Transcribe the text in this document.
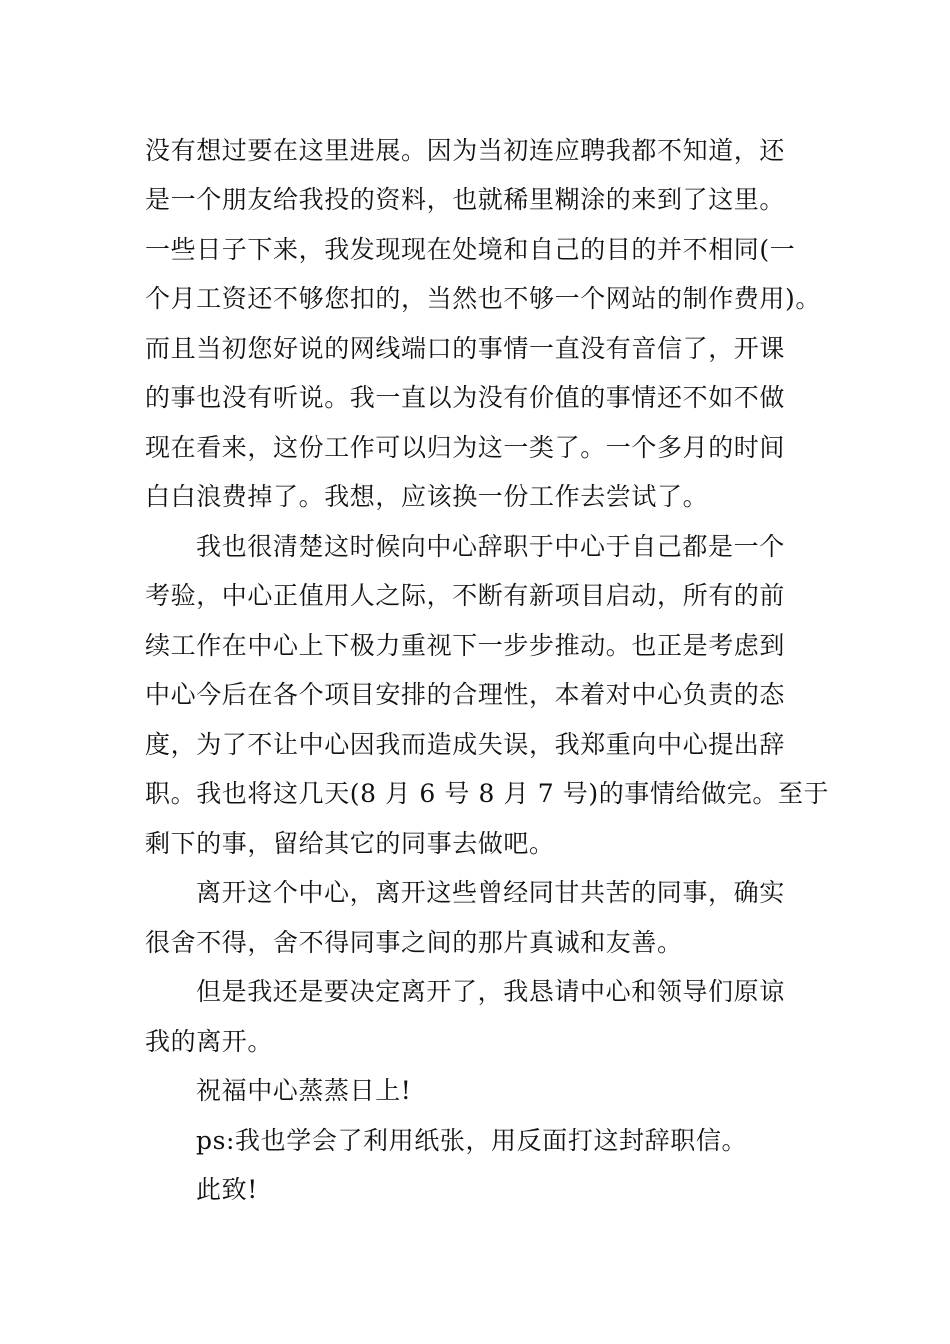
没有想过要在这里进展。因为当初连应聘我都不知道，还
是一个朋友给我投的资料，也就稀里糊涂的来到了这里。
一些日子下来，我发现现在处境和自己的目的并不相同(一
个月工资还不够您扣的，当然也不够一个网站的制作费用)。
而且当初您好说的网线端口的事情一直没有音信了，开课
的事也没有听说。我一直以为没有价值的事情还不如不做
现在看来，这份工作可以归为这一类了。一个多月的时间
白白浪费掉了。我想，应该换一份工作去尝试了。
我也很清楚这时候向中心辞职于中心于自己都是一个
考验，中心正值用人之际，不断有新项目启动，所有的前
续工作在中心上下极力重视下一步步推动。也正是考虑到
中心今后在各个项目安排的合理性，本着对中心负责的态
度，为了不让中心因我而造成失误，我郑重向中心提出辞
职。我也将这几天(8 月 6 号 8 月 7 号)的事情给做完。至于
剩下的事，留给其它的同事去做吧。
离开这个中心，离开这些曾经同甘共苦的同事，确实
很舍不得，舍不得同事之间的那片真诚和友善。
但是我还是要决定离开了，我恳请中心和领导们原谅
我的离开。
祝福中心蒸蒸日上!
ps:我也学会了利用纸张，用反面打这封辞职信。
此致!
